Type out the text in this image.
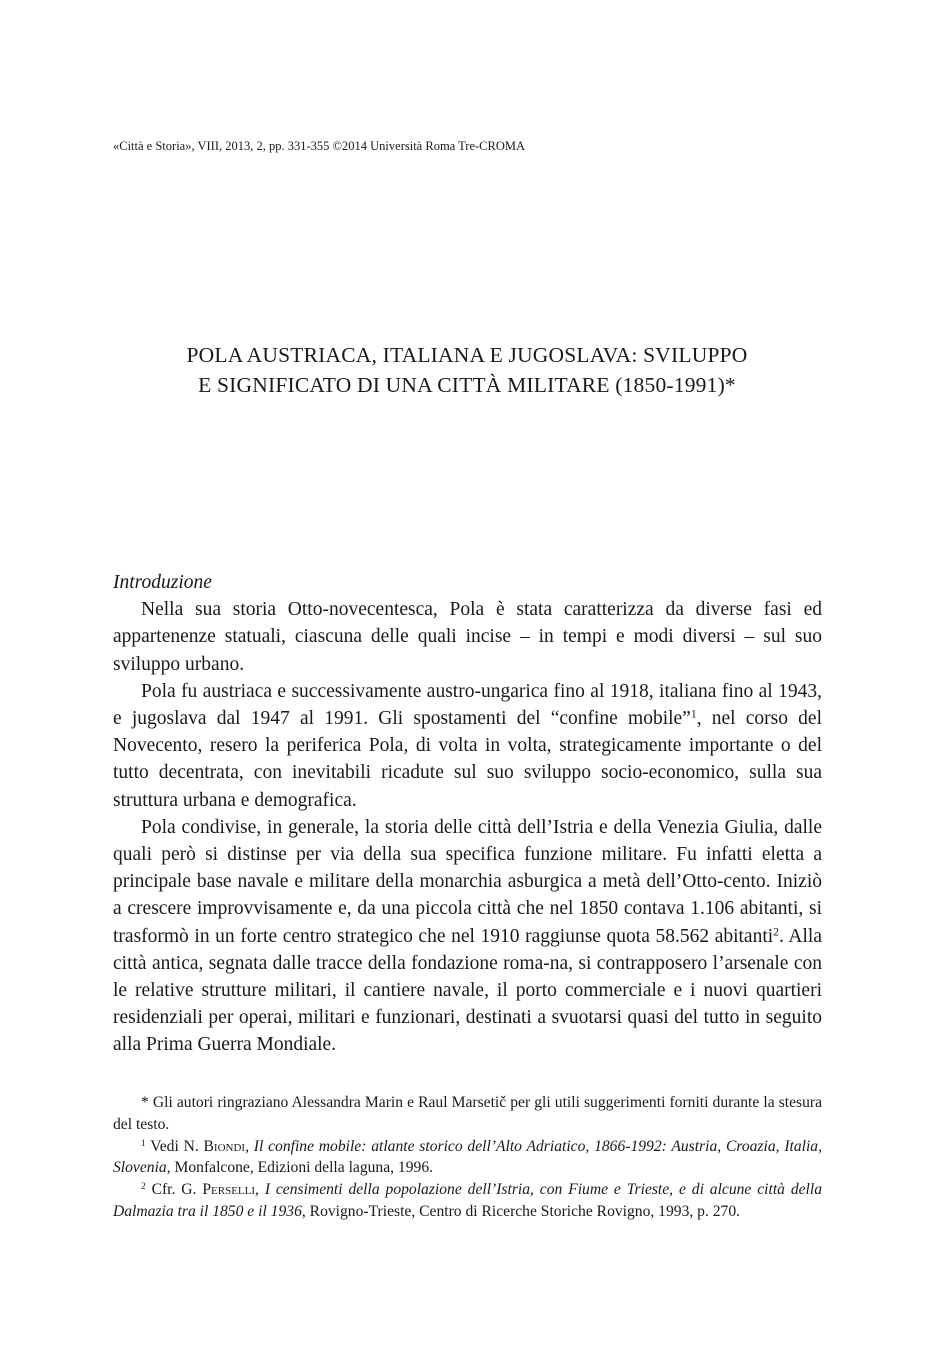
«Città e Storia», VIII, 2013, 2, pp. 331-355 ©2014 Università Roma Tre-CROMA
POLA AUSTRIACA, ITALIANA E JUGOSLAVA: SVILUPPO
E SIGNIFICATO DI UNA CITTÀ MILITARE (1850-1991)*
Introduzione

Nella sua storia Otto-novecentesca, Pola è stata caratterizza da diverse fasi ed appartenenze statuali, ciascuna delle quali incise – in tempi e modi diversi – sul suo sviluppo urbano.

Pola fu austriaca e successivamente austro-ungarica fino al 1918, italiana fino al 1943, e jugoslava dal 1947 al 1991. Gli spostamenti del “confine mobile”$^1$, nel corso del Novecento, resero la periferica Pola, di volta in volta, strategicamente importante o del tutto decentrata, con inevitabili ricadute sul suo sviluppo socio-economico, sulla sua struttura urbana e demografica.

Pola condivise, in generale, la storia delle città dell’Istria e della Venezia Giulia, dalle quali però si distinse per via della sua specifica funzione militare. Fu infatti eletta a principale base navale e militare della monarchia asburgica a metà dell’Otto-cento. Iniziò a crescere improvvisamente e, da una piccola città che nel 1850 contava 1.106 abitanti, si trasformò in un forte centro strategico che nel 1910 raggiunse quota 58.562 abitanti$^2$. Alla città antica, segnata dalle tracce della fondazione roma-na, si contrapposero l’arsenale con le relative strutture militari, il cantiere navale, il porto commerciale e i nuovi quartieri residenziali per operai, militari e funzionari, destinati a svuotarsi quasi del tutto in seguito alla Prima Guerra Mondiale.

* Gli autori ringraziano Alessandra Marin e Raul Marsetič per gli utili suggerimenti forniti durante la stesura del testo.

$^1$ Vedi N. Biondi, Il confine mobile: atlante storico dell’Alto Adriatico, 1866-1992: Austria, Croazia, Italia, Slovenia, Monfalcone, Edizioni della laguna, 1996.

$^2$ Cfr. G. Perselli, I censimenti della popolazione dell’Istria, con Fiume e Trieste, e di alcune città della Dalmazia tra il 1850 e il 1936, Rovigno-Trieste, Centro di Ricerche Storiche Rovigno, 1993, p. 270.
